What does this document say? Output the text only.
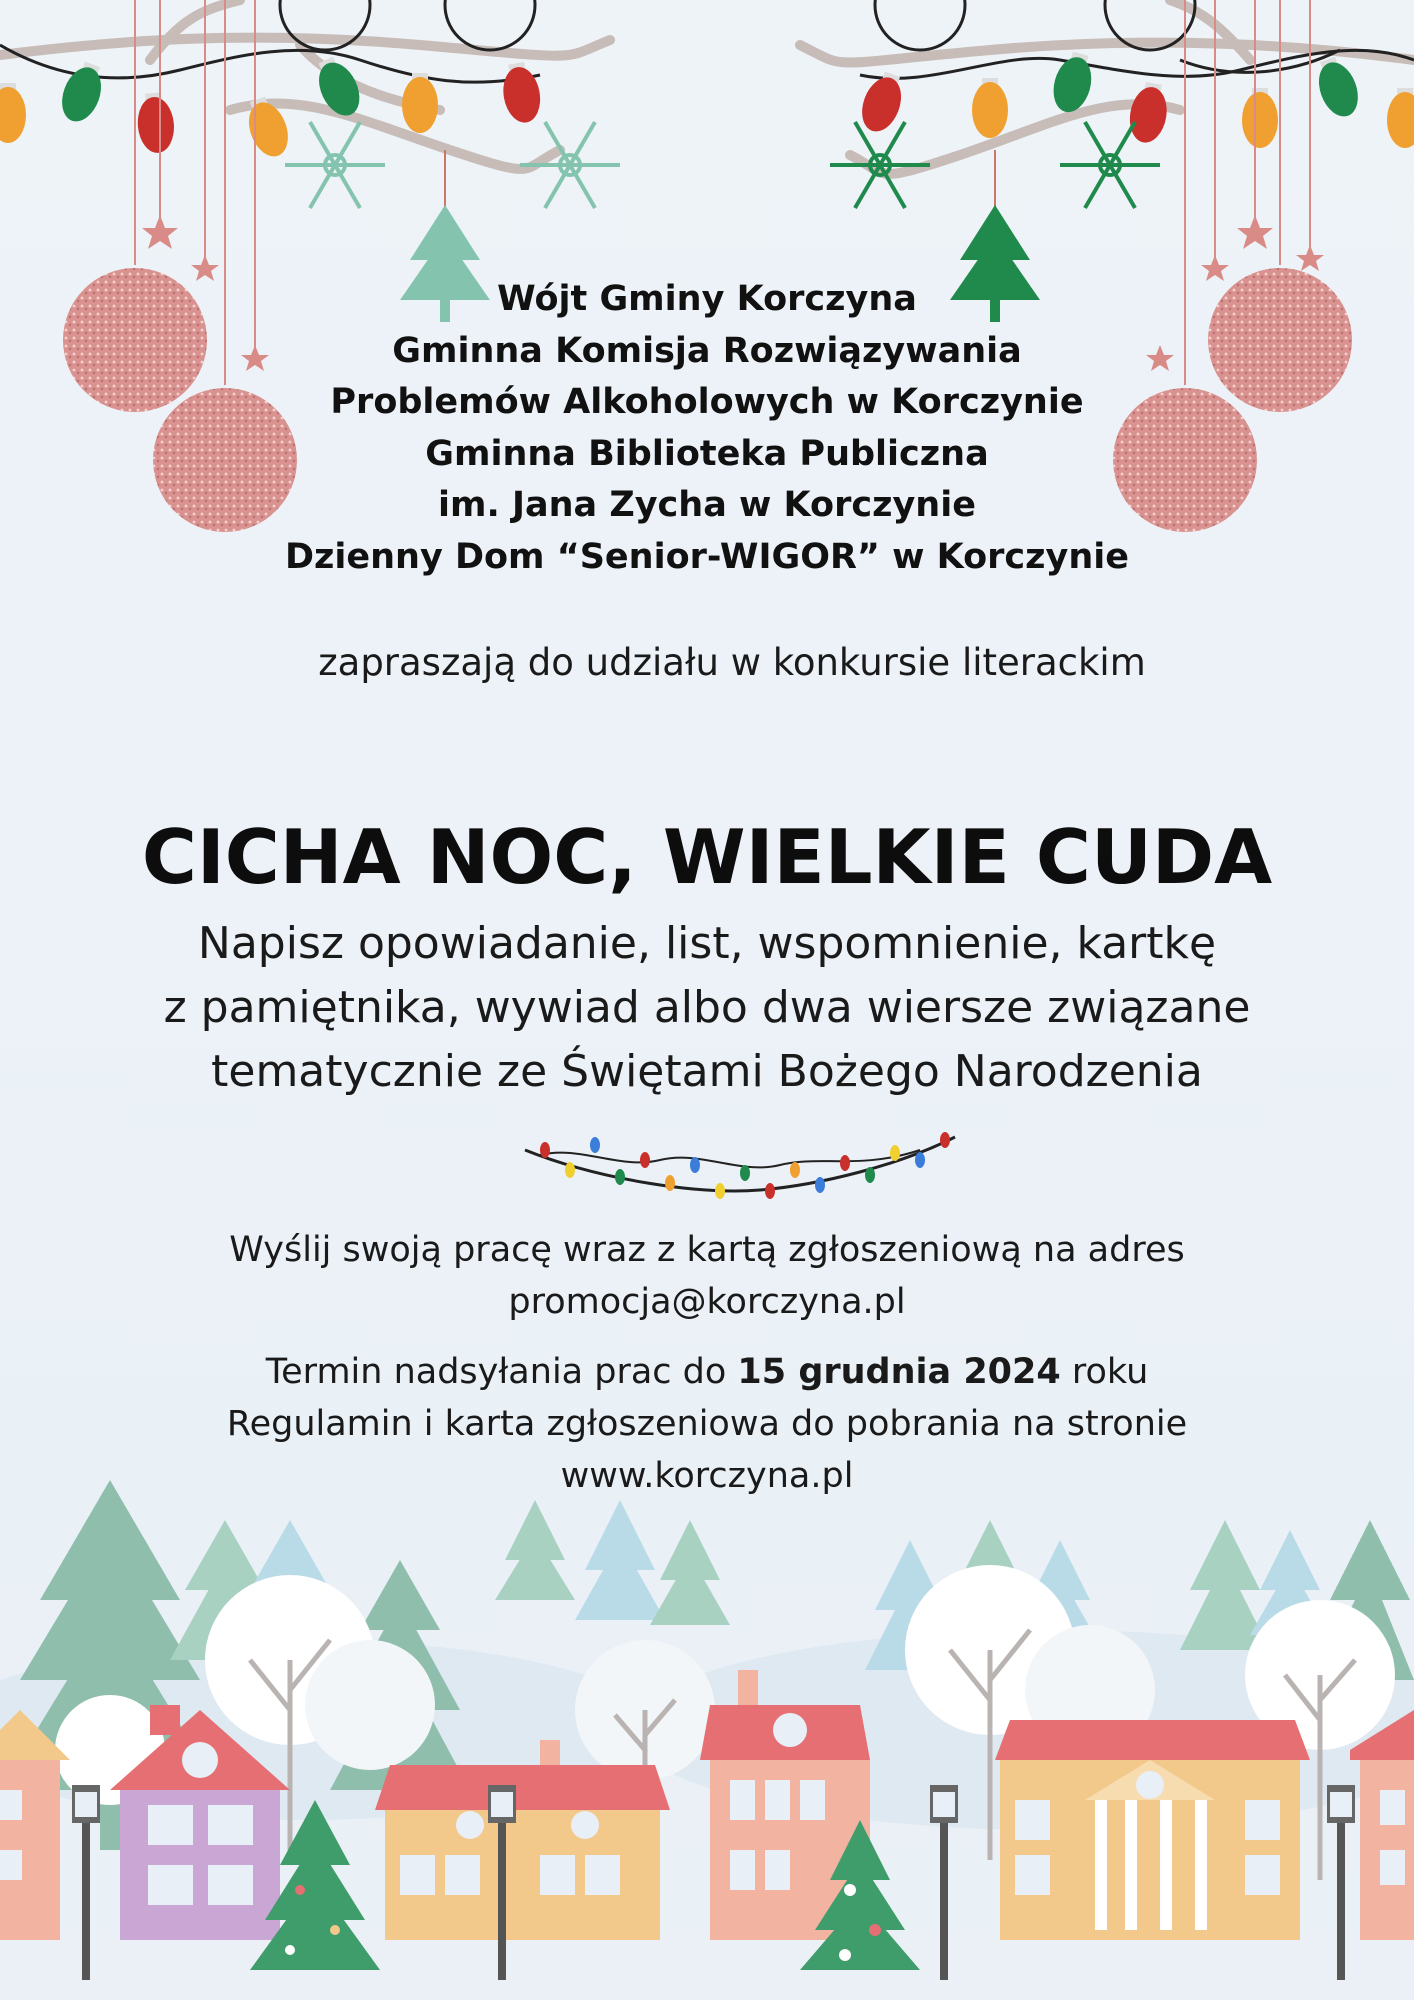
Wójt Gminy Korczyna
Gminna Komisja Rozwiązywania
Problemów Alkoholowych w Korczynie
Gminna Biblioteka Publiczna
im. Jana Zycha w Korczynie
Dzienny Dom “Senior-WIGOR” w Korczynie
zapraszają do udziału w konkursie literackim
CICHA NOC, WIELKIE CUDA
Napisz opowiadanie, list, wspomnienie, kartkę
z pamiętnika, wywiad albo dwa wiersze związane
tematycznie ze Świętami Bożego Narodzenia
Wyślij swoją pracę wraz z kartą zgłoszeniową na adres
promocja@korczyna.pl
Termin nadsyłania prac do 15 grudnia 2024 roku
Regulamin i karta zgłoszeniowa do pobrania na stronie
www.korczyna.pl
